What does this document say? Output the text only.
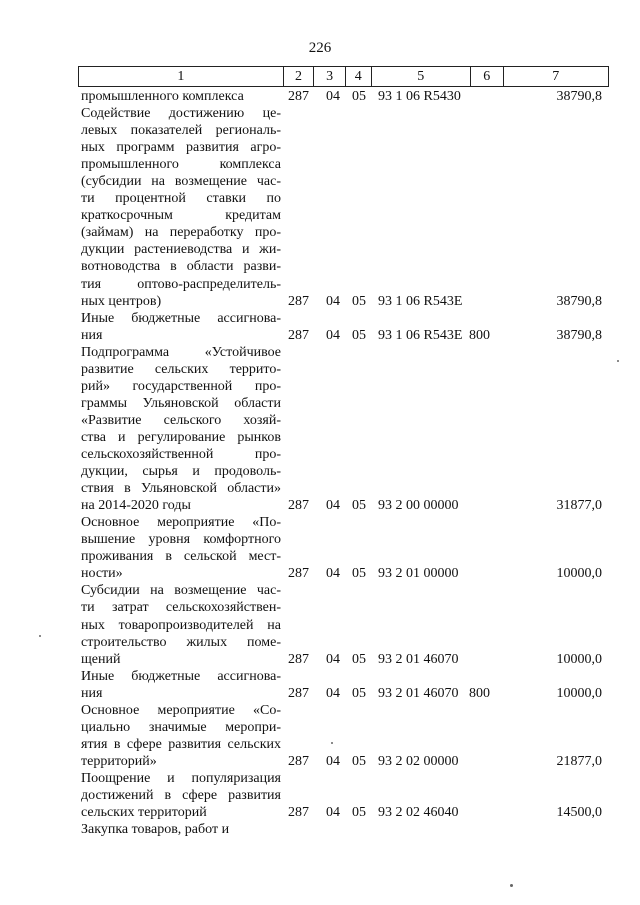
226
1	2	3	4	5	6	7
промышленного комплекса	287 04 05 93 1 06 R5430	38790,8
Содействие достижению це-
левых показателей региональ-
ных программ развития агро-
промышленного комплекса
(субсидии на возмещение час-
ти процентной ставки по
краткосрочным кредитам
(займам) на переработку про-
дукции растениеводства и жи-
вотноводства в области разви-
тия оптово-распределитель-
ных центров)	287 04 05 93 1 06 R543E	38790,8
Иные бюджетные ассигнова-
ния	287 04 05 93 1 06 R543E 800	38790,8
Подпрограмма «Устойчивое
развитие сельских террито-
рий» государственной про-
граммы Ульяновской области
«Развитие сельского хозяй-
ства и регулирование рынков
сельскохозяйственной про-
дукции, сырья и продоволь-
ствия в Ульяновской области»
на 2014-2020 годы	287 04 05 93 2 00 00000	31877,0
Основное мероприятие «По-
вышение уровня комфортного
проживания в сельской мест-
ности»	287 04 05 93 2 01 00000	10000,0
Субсидии на возмещение час-
ти затрат сельскохозяйствен-
ных товаропроизводителей на
строительство жилых поме-
щений	287 04 05 93 2 01 46070	10000,0
Иные бюджетные ассигнова-
ния	287 04 05 93 2 01 46070 800	10000,0
Основное мероприятие «Со-
циально значимые меропри-
ятия в сфере развития сельских
территорий»	287 04 05 93 2 02 00000	21877,0
Поощрение и популяризация
достижений в сфере развития
сельских территорий	287 04 05 93 2 02 46040	14500,0
Закупка товаров, работ и
